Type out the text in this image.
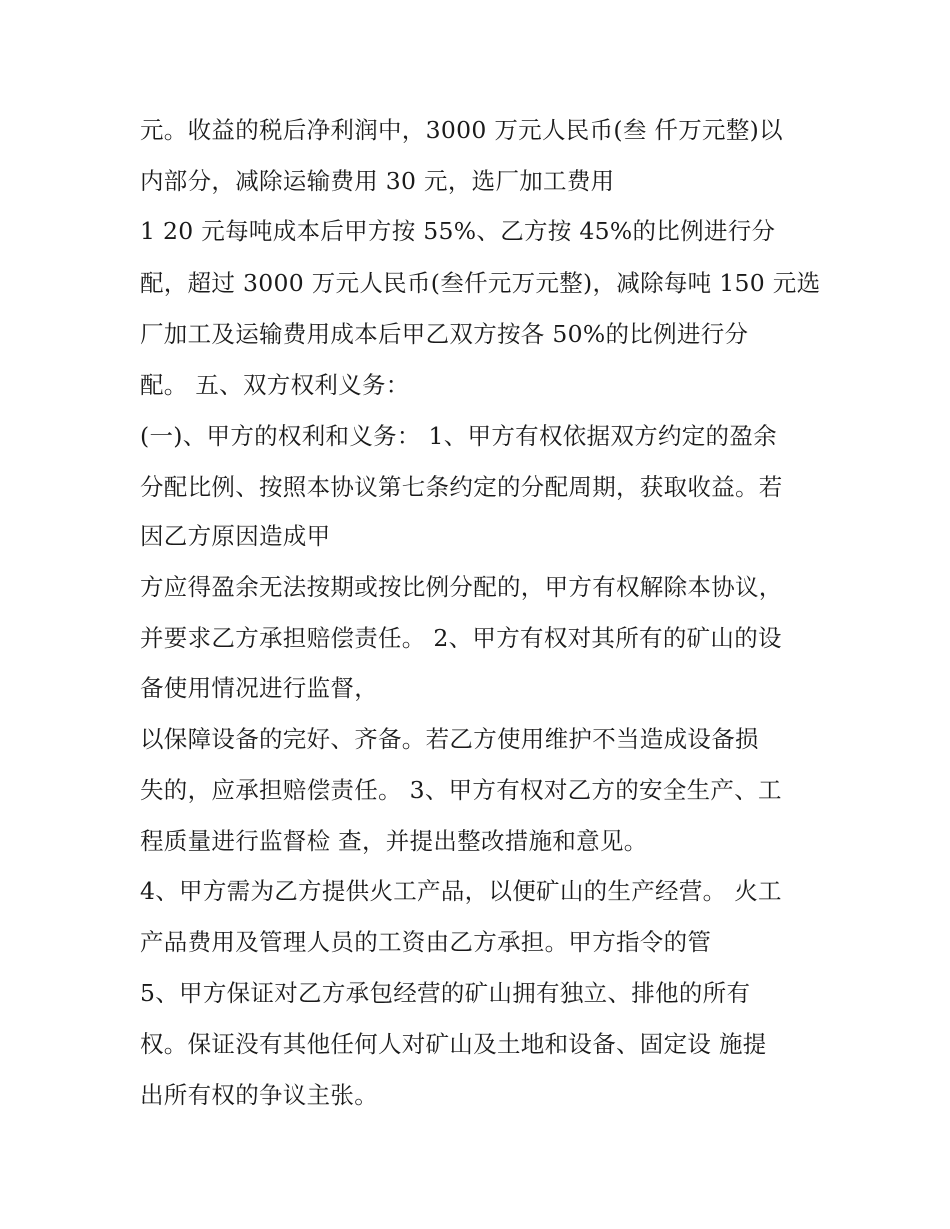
元。收益的税后净利润中，3000 万元人民币(叁 仟万元整)以
内部分，减除运输费用 30 元，选厂加工费用
1 20 元每吨成本后甲方按 55%、乙方按 45%的比例进行分
配，超过 3000 万元人民币(叁仟元万元整)，减除每吨 150 元选
厂加工及运输费用成本后甲乙双方按各 50%的比例进行分
配。 五、双方权利义务：
(一)、甲方的权利和义务： 1、甲方有权依据双方约定的盈余
分配比例、按照本协议第七条约定的分配周期，获取收益。若
因乙方原因造成甲
方应得盈余无法按期或按比例分配的，甲方有权解除本协议，
并要求乙方承担赔偿责任。 2、甲方有权对其所有的矿山的设
备使用情况进行监督，
以保障设备的完好、齐备。若乙方使用维护不当造成设备损
失的，应承担赔偿责任。 3、甲方有权对乙方的安全生产、工
程质量进行监督检 查，并提出整改措施和意见。
4、甲方需为乙方提供火工产品，以便矿山的生产经营。 火工
产品费用及管理人员的工资由乙方承担。甲方指令的管
5、甲方保证对乙方承包经营的矿山拥有独立、排他的所有
权。保证没有其他任何人对矿山及土地和设备、固定设 施提
出所有权的争议主张。
